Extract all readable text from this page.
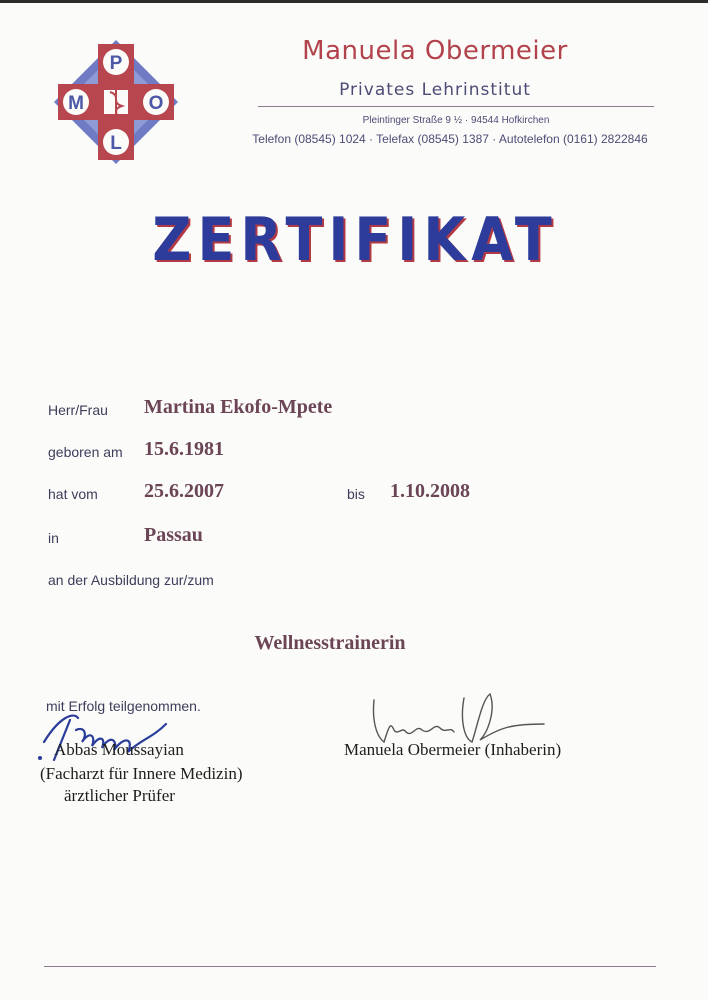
P
M	O
L
Manuela Obermeier
Privates Lehrinstitut
Pleintinger Straße 9 ½ · 94544 Hofkirchen
Telefon (08545) 1024 · Telefax (08545) 1387 · Autotelefon (0161) 2822846
ZERTIFIKAT
Herr/Frau Martina Ekofo-Mpete
geboren am 15.6.1981
hat vom 25.6.2007	bis 1.10.2008
in	Passau
an der Ausbildung zur/zum
Wellnesstrainerin
mit Erfolg teilgenommen.
Abbas Moussayian
(Facharzt für Innere Medizin)
ärztlicher Prüfer
Manuela Obermeier (Inhaberin)
